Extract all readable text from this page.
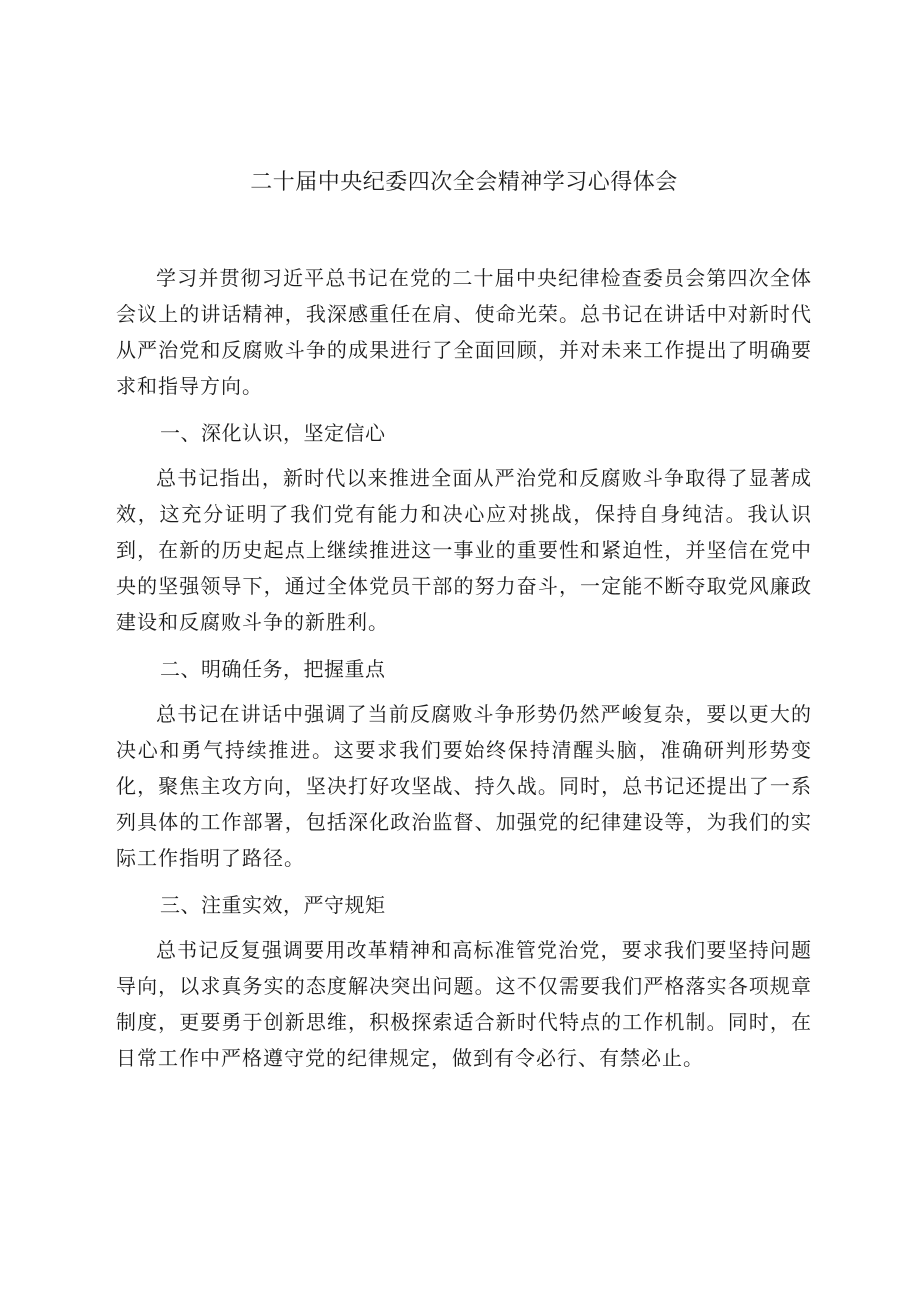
二十届中央纪委四次全会精神学习心得体会

学习并贯彻习近平总书记在党的二十届中央纪律检查委员会第四次全体会议上的讲话精神，我深感重任在肩、使命光荣。总书记在讲话中对新时代从严治党和反腐败斗争的成果进行了全面回顾，并对未来工作提出了明确要求和指导方向。

一、深化认识，坚定信心

总书记指出，新时代以来推进全面从严治党和反腐败斗争取得了显著成效，这充分证明了我们党有能力和决心应对挑战，保持自身纯洁。我认识到，在新的历史起点上继续推进这一事业的重要性和紧迫性，并坚信在党中央的坚强领导下，通过全体党员干部的努力奋斗，一定能不断夺取党风廉政建设和反腐败斗争的新胜利。

二、明确任务，把握重点

总书记在讲话中强调了当前反腐败斗争形势仍然严峻复杂，要以更大的决心和勇气持续推进。这要求我们要始终保持清醒头脑，准确研判形势变化，聚焦主攻方向，坚决打好攻坚战、持久战。同时，总书记还提出了一系列具体的工作部署，包括深化政治监督、加强党的纪律建设等，为我们的实际工作指明了路径。

三、注重实效，严守规矩

总书记反复强调要用改革精神和高标准管党治党，要求我们要坚持问题导向，以求真务实的态度解决突出问题。这不仅需要我们严格落实各项规章制度，更要勇于创新思维，积极探索适合新时代特点的工作机制。同时，在日常工作中严格遵守党的纪律规定，做到有令必行、有禁必止。
